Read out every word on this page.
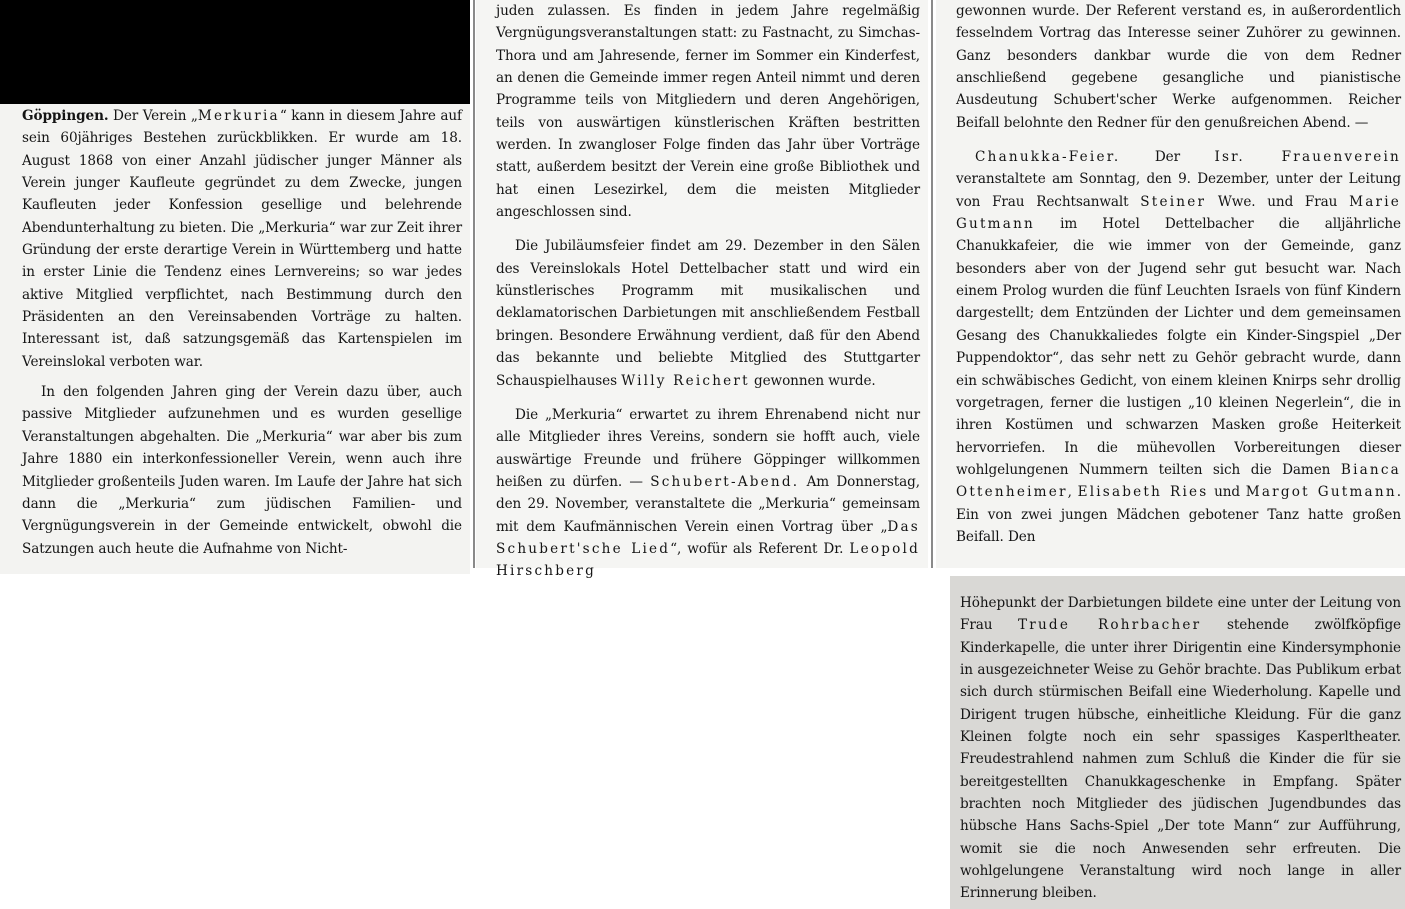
Göppingen. Der Verein „Merkuria“ kann in diesem Jahre auf sein 60jähriges Bestehen zurückblikken. Er wurde am 18. August 1868 von einer Anzahl jüdischer junger Männer als Verein junger Kaufleute gegründet zu dem Zwecke, jungen Kaufleuten jeder Konfession gesellige und belehrende Abendunterhaltung zu bieten. Die „Merkuria“ war zur Zeit ihrer Gründung der erste derartige Verein in Württemberg und hatte in erster Linie die Tendenz eines Lernvereins; so war jedes aktive Mitglied verpflichtet, nach Bestimmung durch den Präsidenten an den Vereinsabenden Vorträge zu halten. Interessant ist, daß satzungsgemäß das Kartenspielen im Vereinslokal verboten war.

In den folgenden Jahren ging der Verein dazu über, auch passive Mitglieder aufzunehmen und es wurden gesellige Veranstaltungen abgehalten. Die „Merkuria“ war aber bis zum Jahre 1880 ein interkonfessioneller Verein, wenn auch ihre Mitglieder großenteils Juden waren. Im Laufe der Jahre hat sich dann die „Merkuria“ zum jüdischen Familien- und Vergnügungsverein in der Gemeinde entwickelt, obwohl die Satzungen auch heute die Aufnahme von Nicht-

juden zulassen. Es finden in jedem Jahre regelmäßig Vergnügungsveranstaltungen statt: zu Fastnacht, zu Simchas-Thora und am Jahresende, ferner im Sommer ein Kinderfest, an denen die Gemeinde immer regen Anteil nimmt und deren Programme teils von Mitgliedern und deren Angehörigen, teils von auswärtigen künstlerischen Kräften bestritten werden. In zwangloser Folge finden das Jahr über Vorträge statt, außerdem besitzt der Verein eine große Bibliothek und hat einen Lesezirkel, dem die meisten Mitglieder angeschlossen sind.

Die Jubiläumsfeier findet am 29. Dezember in den Sälen des Vereinslokals Hotel Dettelbacher statt und wird ein künstlerisches Programm mit musikalischen und deklamatorischen Darbietungen mit anschließendem Festball bringen. Besondere Erwähnung verdient, daß für den Abend das bekannte und beliebte Mitglied des Stuttgarter Schauspielhauses Willy Reichert gewonnen wurde.

Die „Merkuria“ erwartet zu ihrem Ehrenabend nicht nur alle Mitglieder ihres Vereins, sondern sie hofft auch, viele auswärtige Freunde und frühere Göppinger willkommen heißen zu dürfen. — Schubert-Abend. Am Donnerstag, den 29. November, veranstaltete die „Merkuria“ gemeinsam mit dem Kaufmännischen Verein einen Vortrag über „Das Schubert'sche Lied“, wofür als Referent Dr. Leopold Hirschberg

gewonnen wurde. Der Referent verstand es, in außerordentlich fesselndem Vortrag das Interesse seiner Zuhörer zu gewinnen. Ganz besonders dankbar wurde die von dem Redner anschließend gegebene gesangliche und pianistische Ausdeutung Schubert'scher Werke aufgenommen. Reicher Beifall belohnte den Redner für den genußreichen Abend. —

Chanukka-Feier. Der Isr. Frauenverein veranstaltete am Sonntag, den 9. Dezember, unter der Leitung von Frau Rechtsanwalt Steiner Wwe. und Frau Marie Gutmann im Hotel Dettelbacher die alljährliche Chanukkafeier, die wie immer von der Gemeinde, ganz besonders aber von der Jugend sehr gut besucht war. Nach einem Prolog wurden die fünf Leuchten Israels von fünf Kindern dargestellt; dem Entzünden der Lichter und dem gemeinsamen Gesang des Chanukkaliedes folgte ein Kinder-Singspiel „Der Puppendoktor“, das sehr nett zu Gehör gebracht wurde, dann ein schwäbisches Gedicht, von einem kleinen Knirps sehr drollig vorgetragen, ferner die lustigen „10 kleinen Negerlein“, die in ihren Kostümen und schwarzen Masken große Heiterkeit hervorriefen. In die mühevollen Vorbereitungen dieser wohlgelungenen Nummern teilten sich die Damen Bianca Ottenheimer, Elisabeth Ries und Margot Gutmann. Ein von zwei jungen Mädchen gebotener Tanz hatte großen Beifall. Den

Höhepunkt der Darbietungen bildete eine unter der Leitung von Frau Trude Rohrbacher stehende zwölfköpfige Kinderkapelle, die unter ihrer Dirigentin eine Kindersymphonie in ausgezeichneter Weise zu Gehör brachte. Das Publikum erbat sich durch stürmischen Beifall eine Wiederholung. Kapelle und Dirigent trugen hübsche, einheitliche Kleidung. Für die ganz Kleinen folgte noch ein sehr spassiges Kasperltheater. Freudestrahlend nahmen zum Schluß die Kinder die für sie bereitgestellten Chanukkageschenke in Empfang. Später brachten noch Mitglieder des jüdischen Jugendbundes das hübsche Hans Sachs-Spiel „Der tote Mann“ zur Aufführung, womit sie die noch Anwesenden sehr erfreuten. Die wohlgelungene Veranstaltung wird noch lange in aller Erinnerung bleiben.
